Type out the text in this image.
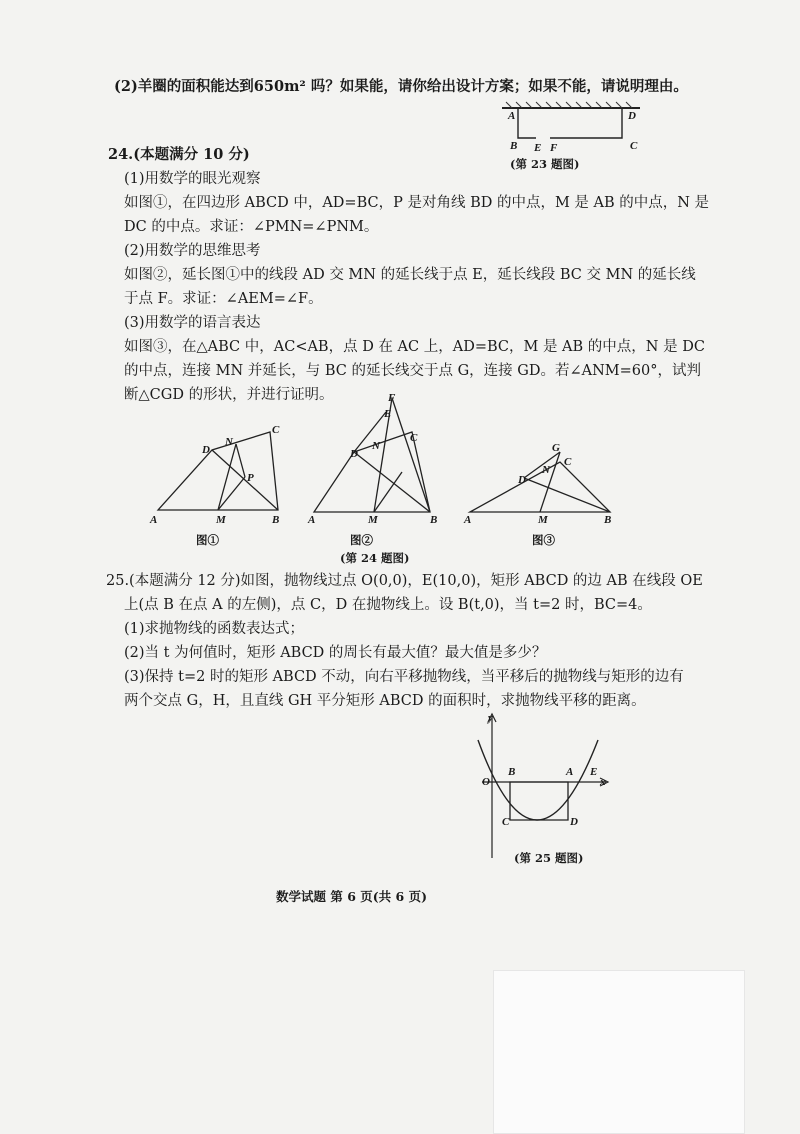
(2)羊圈的面积能达到650m² 吗？如果能，请你给出设计方案；如果不能，请说明理由。
A	D
B E F	C
(第 23 题图)
24.(本题满分 10 分)
(1)用数学的眼光观察
如图①，在四边形 ABCD 中，AD=BC，P 是对角线 BD 的中点，M 是 AB 的中点，N 是
DC 的中点。求证：∠PMN=∠PNM。
(2)用数学的思维思考
如图②，延长图①中的线段 AD 交 MN 的延长线于点 E，延长线段 BC 交 MN 的延长线
于点 F。求证：∠AEM=∠F。
(3)用数学的语言表达
如图③，在△ABC 中，AC<AB，点 D 在 AC 上，AD=BC，M 是 AB 的中点，N 是 DC
的中点，连接 MN 并延长，与 BC 的延长线交于点 G，连接 GD。若∠ANM=60°，试判
断△CGD 的形状，并进行证明。
A	B
C
D
M
N
P
图①
A	B
C
D
E
F
M
N
图②
A	B
C
D
G
M
N
图③
(第 24 题图)
25.(本题满分 12 分)如图，抛物线过点 O(0,0)，E(10,0)，矩形 ABCD 的边 AB 在线段 OE
上(点 B 在点 A 的左侧)，点 C，D 在抛物线上。设 B(t,0)，当 t=2 时，BC=4。
(1)求抛物线的函数表达式；
(2)当 t 为何值时，矩形 ABCD 的周长有最大值？最大值是多少？
(3)保持 t=2 时的矩形 ABCD 不动，向右平移抛物线，当平移后的抛物线与矩形的边有
两个交点 G，H，且直线 GH 平分矩形 ABCD 的面积时，求抛物线平移的距离。
y
O
B	A E
x
C	D
(第 25 题图)
数学试题 第 6 页(共 6 页)
